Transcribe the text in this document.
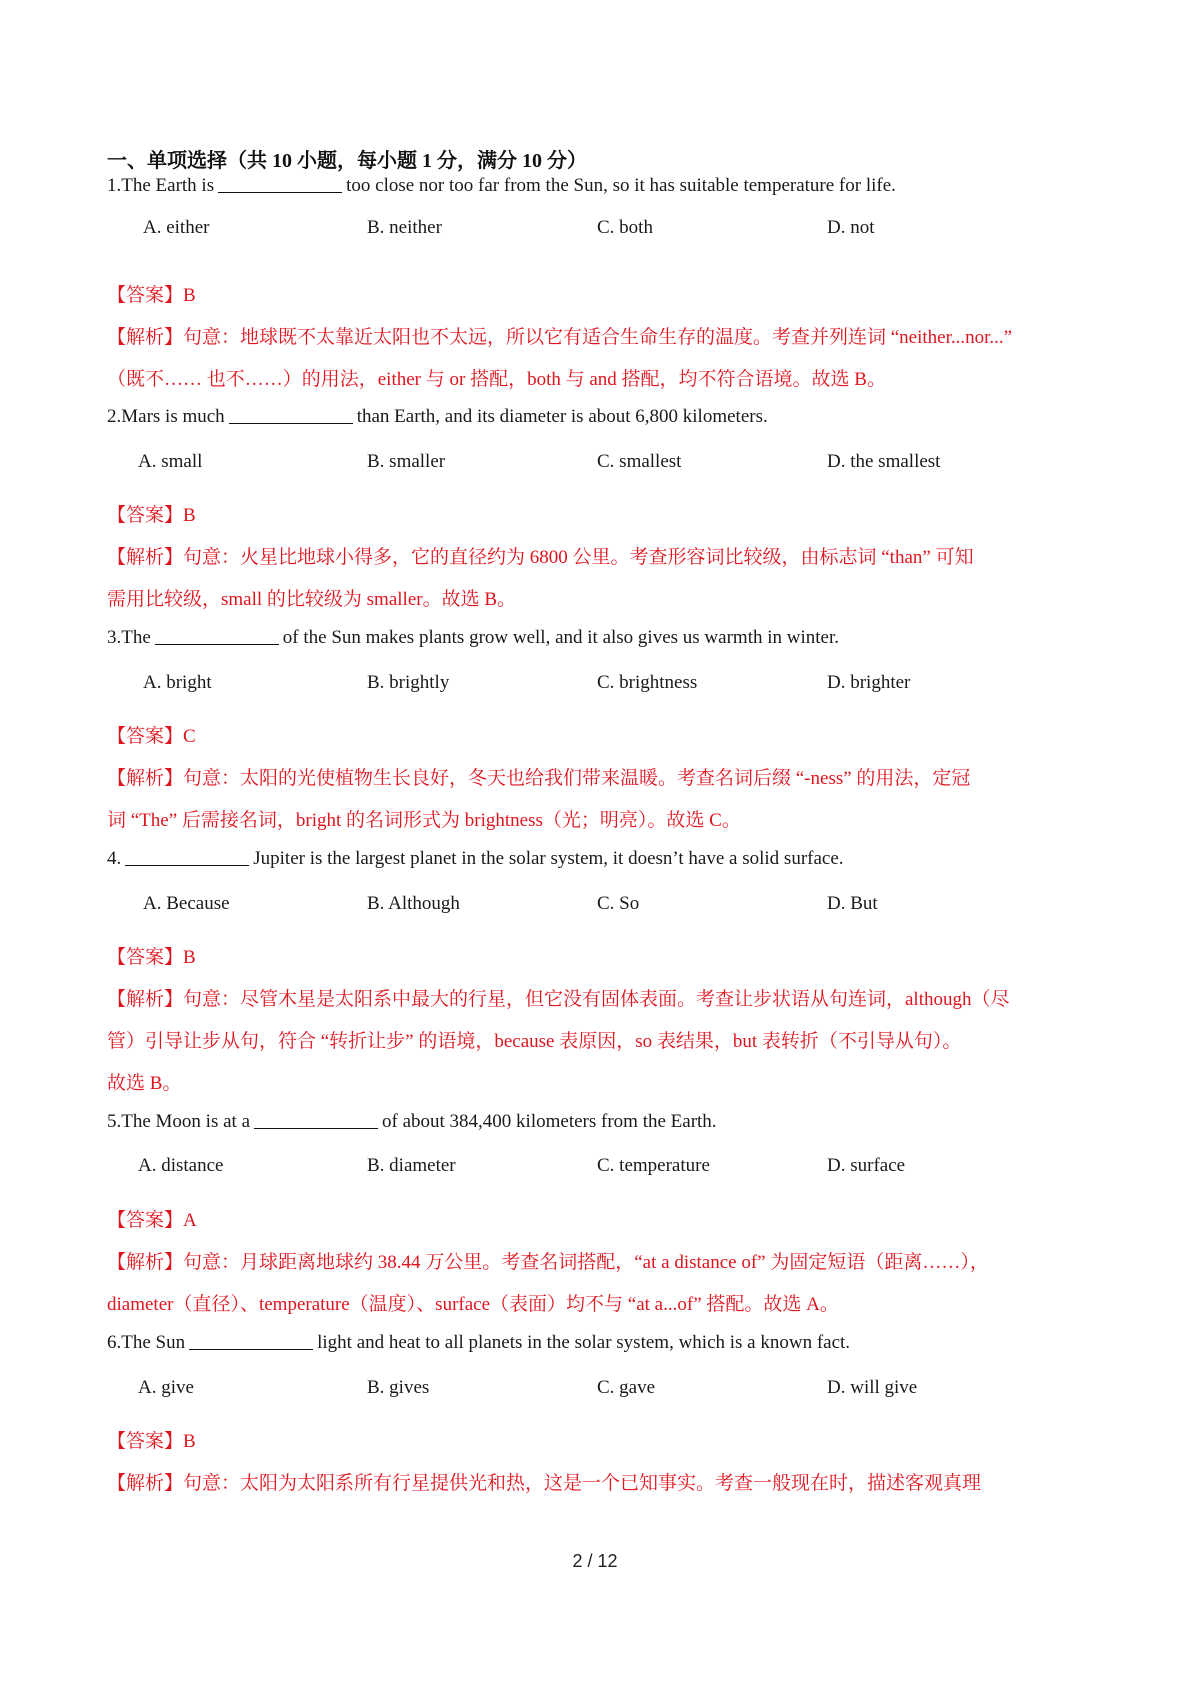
一、单项选择（共 10 小题，每小题 1 分，满分 10 分）
1.The Earth is	too close nor too far from the Sun, so it has suitable temperature for life.
A. either	B. neither	C. both	D. not
【答案】B
【解析】句意：地球既不太靠近太阳也不太远，所以它有适合生命生存的温度。考查并列连词 “neither...nor...”
（既不…… 也不……）的用法，either 与 or 搭配，both 与 and 搭配，均不符合语境。故选 B。
2.Mars is much	than Earth, and its diameter is about 6,800 kilometers.
A. small	B. smaller	C. smallest	D. the smallest
【答案】B
【解析】句意：火星比地球小得多，它的直径约为 6800 公里。考查形容词比较级，由标志词 “than” 可知
需用比较级，small 的比较级为 smaller。故选 B。
3.The	of the Sun makes plants grow well, and it also gives us warmth in winter.
A. bright	B. brightly	C. brightness	D. brighter
【答案】C
【解析】句意：太阳的光使植物生长良好，冬天也给我们带来温暖。考查名词后缀 “-ness” 的用法，定冠
词 “The” 后需接名词，bright 的名词形式为 brightness（光；明亮）。故选 C。
4.	Jupiter is the largest planet in the solar system, it doesn’t have a solid surface.
A. Because	B. Although	C. So	D. But
【答案】B
【解析】句意：尽管木星是太阳系中最大的行星，但它没有固体表面。考查让步状语从句连词，although（尽
管）引导让步从句，符合 “转折让步” 的语境，because 表原因，so 表结果，but 表转折（不引导从句）。
故选 B。
5.The Moon is at a	of about 384,400 kilometers from the Earth.
A. distance	B. diameter	C. temperature	D. surface
【答案】A
【解析】句意：月球距离地球约 38.44 万公里。考查名词搭配，“at a distance of” 为固定短语（距离……），
diameter（直径）、temperature（温度）、surface（表面）均不与 “at a...of” 搭配。故选 A。
6.The Sun	light and heat to all planets in the solar system, which is a known fact.
A. give	B. gives	C. gave	D. will give
【答案】B
【解析】句意：太阳为太阳系所有行星提供光和热，这是一个已知事实。考查一般现在时，描述客观真理
2 / 12
